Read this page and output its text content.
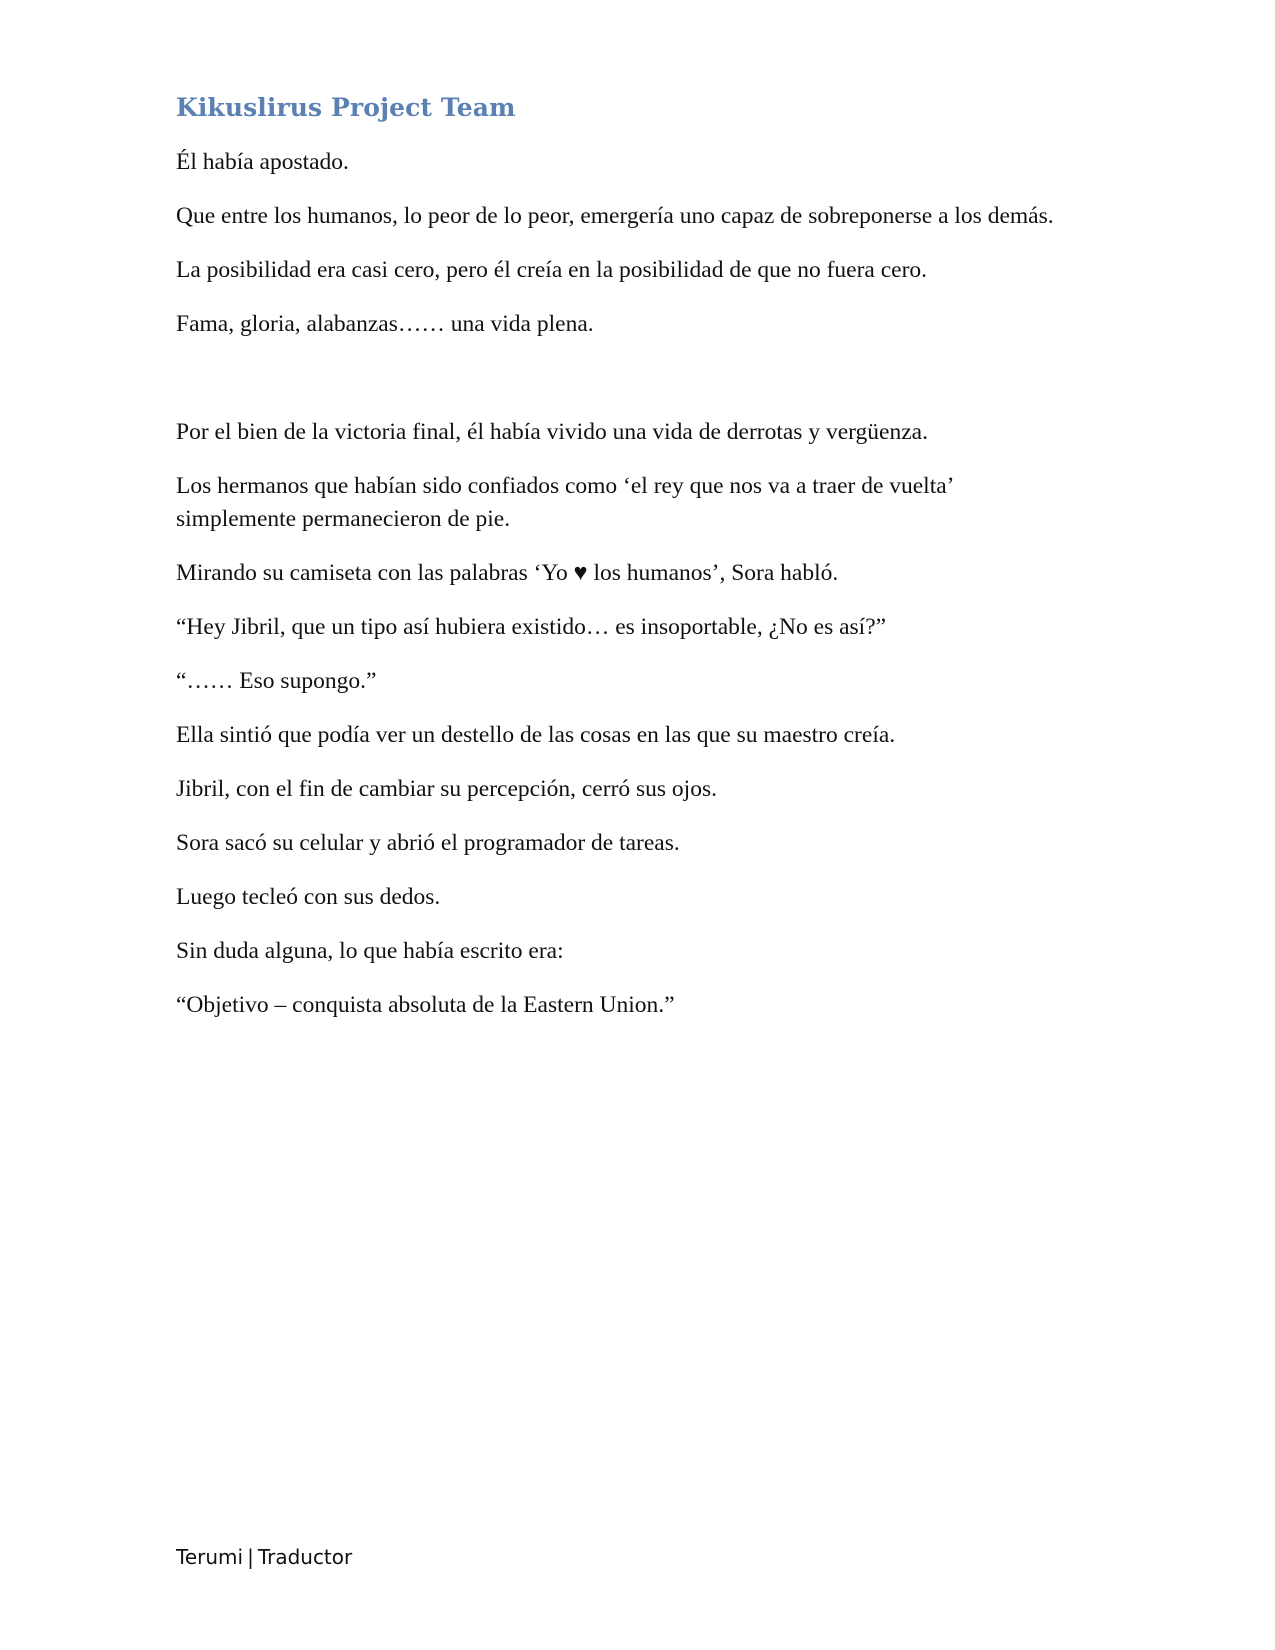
Kikuslirus Project Team

Él había apostado.

Que entre los humanos, lo peor de lo peor, emergería uno capaz de sobreponerse a los demás.

La posibilidad era casi cero, pero él creía en la posibilidad de que no fuera cero.

Fama, gloria, alabanzas…… una vida plena.

Por el bien de la victoria final, él había vivido una vida de derrotas y vergüenza.

Los hermanos que habían sido confiados como ‘el rey que nos va a traer de vuelta’ simplemente permanecieron de pie.

Mirando su camiseta con las palabras ‘Yo ♥ los humanos’, Sora habló.

“Hey Jibril, que un tipo así hubiera existido… es insoportable, ¿No es así?”

“…… Eso supongo.”

Ella sintió que podía ver un destello de las cosas en las que su maestro creía.

Jibril, con el fin de cambiar su percepción, cerró sus ojos.

Sora sacó su celular y abrió el programador de tareas.

Luego tecleó con sus dedos.

Sin duda alguna, lo que había escrito era:

“Objetivo – conquista absoluta de la Eastern Union.”

Terumi | Traductor
